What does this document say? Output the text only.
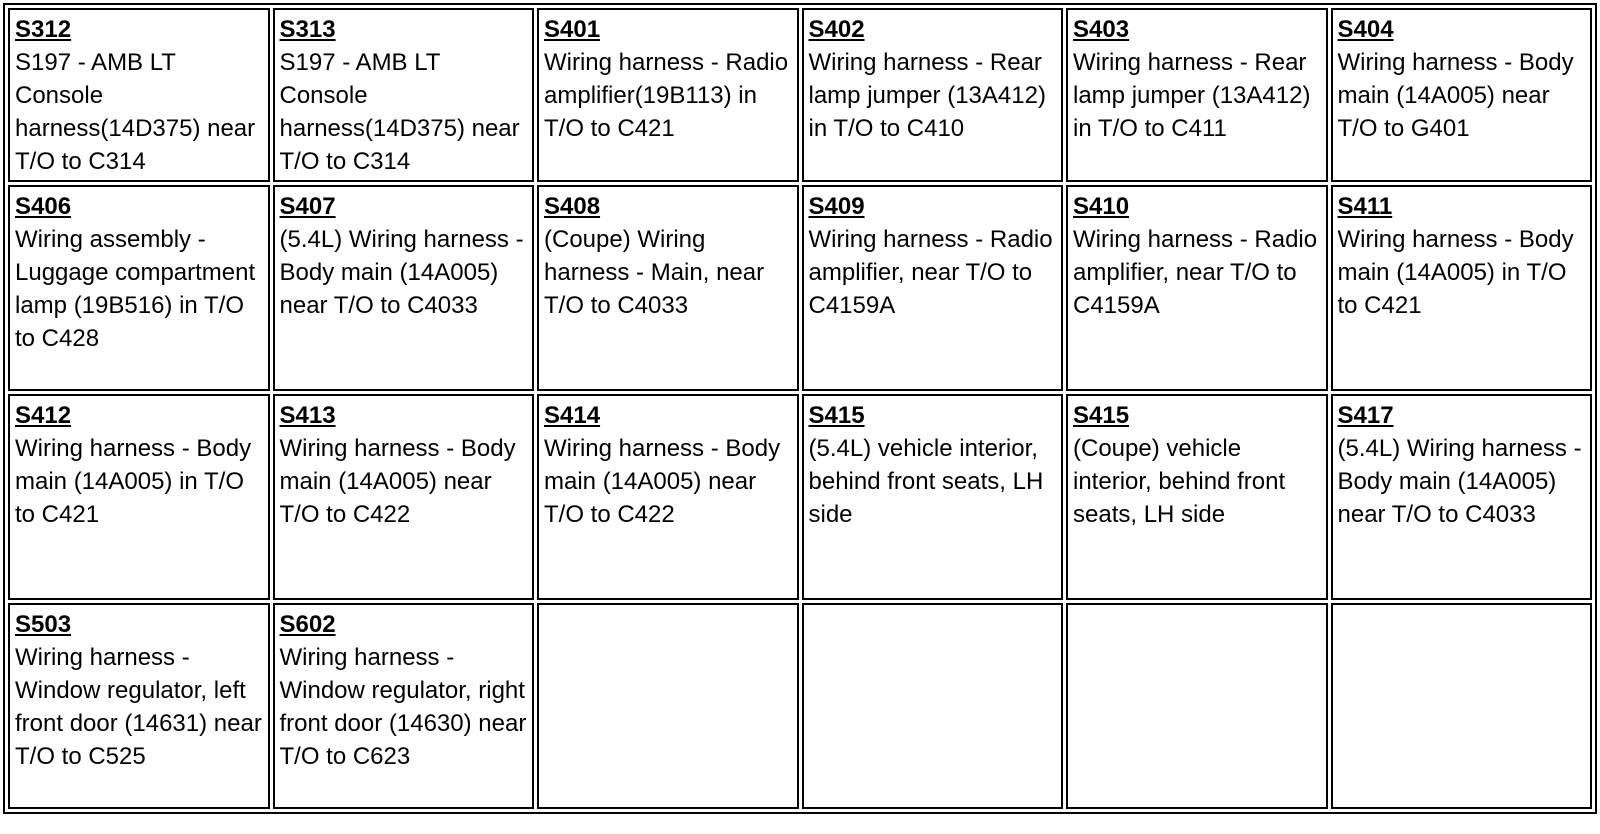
S312
S197 - AMB LT Console harness(14D375) near T/O to C314	S313
S197 - AMB LT Console harness(14D375) near T/O to C314	S401
Wiring harness - Radio amplifier(19B113) in T/O to C421	S402
Wiring harness - Rear lamp jumper (13A412) in T/O to C410	S403
Wiring harness - Rear lamp jumper (13A412) in T/O to C411	S404
Wiring harness - Body main (14A005) near T/O to G401

S406
Wiring assembly - Luggage compartment lamp (19B516) in T/O to C428	S407
(5.4L) Wiring harness - Body main (14A005) near T/O to C4033	S408
(Coupe) Wiring harness - Main, near T/O to C4033	S409
Wiring harness - Radio amplifier, near T/O to C4159A	S410
Wiring harness - Radio amplifier, near T/O to C4159A	S411
Wiring harness - Body main (14A005) in T/O to C421

S412
Wiring harness - Body main (14A005) in T/O to C421	S413
Wiring harness - Body main (14A005) near T/O to C422	S414
Wiring harness - Body main (14A005) near T/O to C422	S415
(5.4L) vehicle interior, behind front seats, LH side	S415
(Coupe) vehicle interior, behind front seats, LH side	S417
(5.4L) Wiring harness - Body main (14A005) near T/O to C4033

S503
Wiring harness - Window regulator, left front door (14631) near T/O to C525	S602
Wiring harness - Window regulator, right front door (14630) near T/O to C623				
